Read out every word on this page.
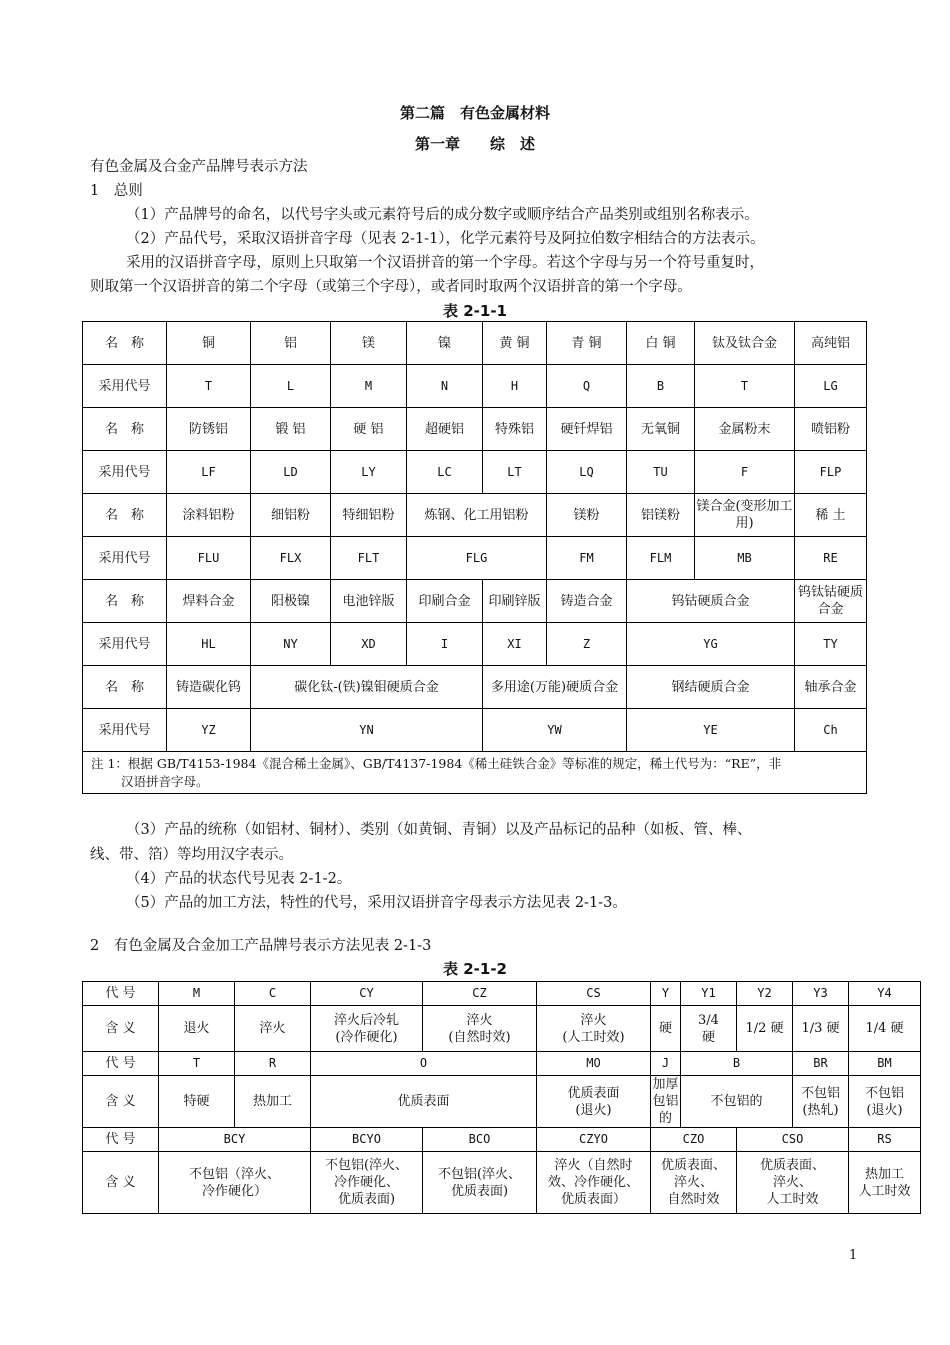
第二篇　有色金属材料
第一章　　综　述
有色金属及合金产品牌号表示方法
1　总则
（1）产品牌号的命名，以代号字头或元素符号后的成分数字或顺序结合产品类别或组别名称表示。
（2）产品代号，采取汉语拼音字母（见表 2-1-1），化学元素符号及阿拉伯数字相结合的方法表示。
采用的汉语拼音字母，原则上只取第一个汉语拼音的第一个字母。若这个字母与另一个符号重复时，
则取第一个汉语拼音的第二个字母（或第三个字母），或者同时取两个汉语拼音的第一个字母。
表 2-1-1
名　称	铜	铝	镁	镍	黄 铜	青 铜	白 铜	钛及钛合金	高纯铝
采用代号	T	L	M	N	H	Q	B	T	LG
名　称	防锈铝	锻 铝	硬 铝	超硬铝	特殊铝	硬钎焊铝	无氧铜	金属粉末	喷铝粉
采用代号	LF	LD	LY	LC	LT	LQ	TU	F	FLP
名　称	涂料铝粉	细铝粉	特细铝粉	炼钢、化工用铝粉		镁粉	铝镁粉	镁合金(变形加工用)	稀 土
采用代号	FLU	FLX	FLT	FLG		FM	FLM	MB	RE
名　称	焊料合金	阳极镍	电池锌版	印刷合金	印刷锌版	铸造合金	钨钴硬质合金		钨钛钴硬质合金
采用代号	HL	NY	XD	I	XI	Z	YG		TY
名　称	铸造碳化钨	碳化钛-(铁)镍钼硬质合金			多用途(万能)硬质合金		钢结硬质合金		轴承合金
采用代号	YZ	YN			YW		YE		Ch

注 1：根据 GB/T4153-1984《混合稀土金属》、GB/T4137-1984《稀土硅铁合金》等标准的规定，稀土代号为：“RE”，非
汉语拼音字母。									
（3）产品的统称（如铝材、铜材）、类别（如黄铜、青铜）以及产品标记的品种（如板、管、棒、
线、带、箔）等均用汉字表示。
（4）产品的状态代号见表 2-1-2。
（5）产品的加工方法，特性的代号，采用汉语拼音字母表示方法见表 2-1-3。
2　有色金属及合金加工产品牌号表示方法见表 2-1-3
表 2-1-2
代 号	M	C	CY	CZ	CS	Y	Y1	Y2	Y3	Y4
含 义	退火	淬火	淬火后冷轧
(冷作硬化)	淬火
(自然时效)	淬火
(人工时效)	硬	3/4
硬	1/2 硬	1/3 硬	1/4 硬
代 号	T	R	O		MO	J	B		BR	BM
含 义	特硬	热加工	优质表面		优质表面
(退火)	加厚包铝的	不包铝的		不包铝
(热轧)	不包铝
(退火)
代 号	BCY		BCYO	BCO	CZYO	CZO		CSO		RS
含 义	不包铝（淬火、
冷作硬化）		不包铝(淬火、
冷作硬化、
优质表面)	不包铝(淬火、
优质表面)	淬火（自然时
效、冷作硬化、
优质表面）	优质表面、
淬火、
自然时效		优质表面、
淬火、
人工时效		热加工
人工时效
1
